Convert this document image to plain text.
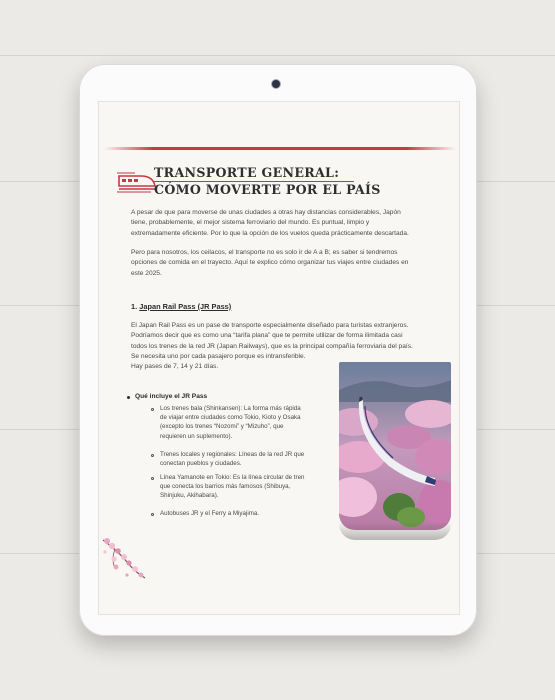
TRANSPORTE GENERAL:
CÓMO MOVERTE POR EL PAÍS

A pesar de que para moverse de unas ciudades a otras hay distancias considerables, Japón
tiene, probablemente, el mejor sistema ferroviario del mundo. Es puntual, limpio y
extremadamente eficiente. Por lo que la opción de los vuelos queda prácticamente descartada.

Pero para nosotros, los ceilacos, el transporte no es solo ir de A a B; es saber si tendremos
opciones de comida en el trayecto. Aquí te explico cómo organizar tus viajes entre ciudades en
este 2025.

1. Japan Rail Pass (JR Pass)

El Japan Rail Pass es un pase de transporte especialmente diseñado para turistas extranjeros.
Podríamos decir que es como una “tarifa plana” que te permite utilizar de forma ilimitada casi
todos los trenes de la red JR (Japan Railways), que es la principal compañía ferroviaria del país.
Se necesita uno por cada pasajero porque es intransferible.
Hay pases de 7, 14 y 21 días.

Qué incluye el JR Pass
Los trenes bala (Shinkansen): La forma más rápida
de viajar entre ciudades como Tokio, Kioto y Osaka
(excepto los trenes “Nozomi” y “Mizuho”, que
requieren un suplemento).
Trenes locales y regionales: Líneas de la red JR que
conectan pueblos y ciudades.
Línea Yamanote en Tokio: Es la línea circular de tren
que conecta los barrios más famosos (Shibuya,
Shinjuku, Akihabara).
Autobuses JR y el Ferry a Miyajima.
